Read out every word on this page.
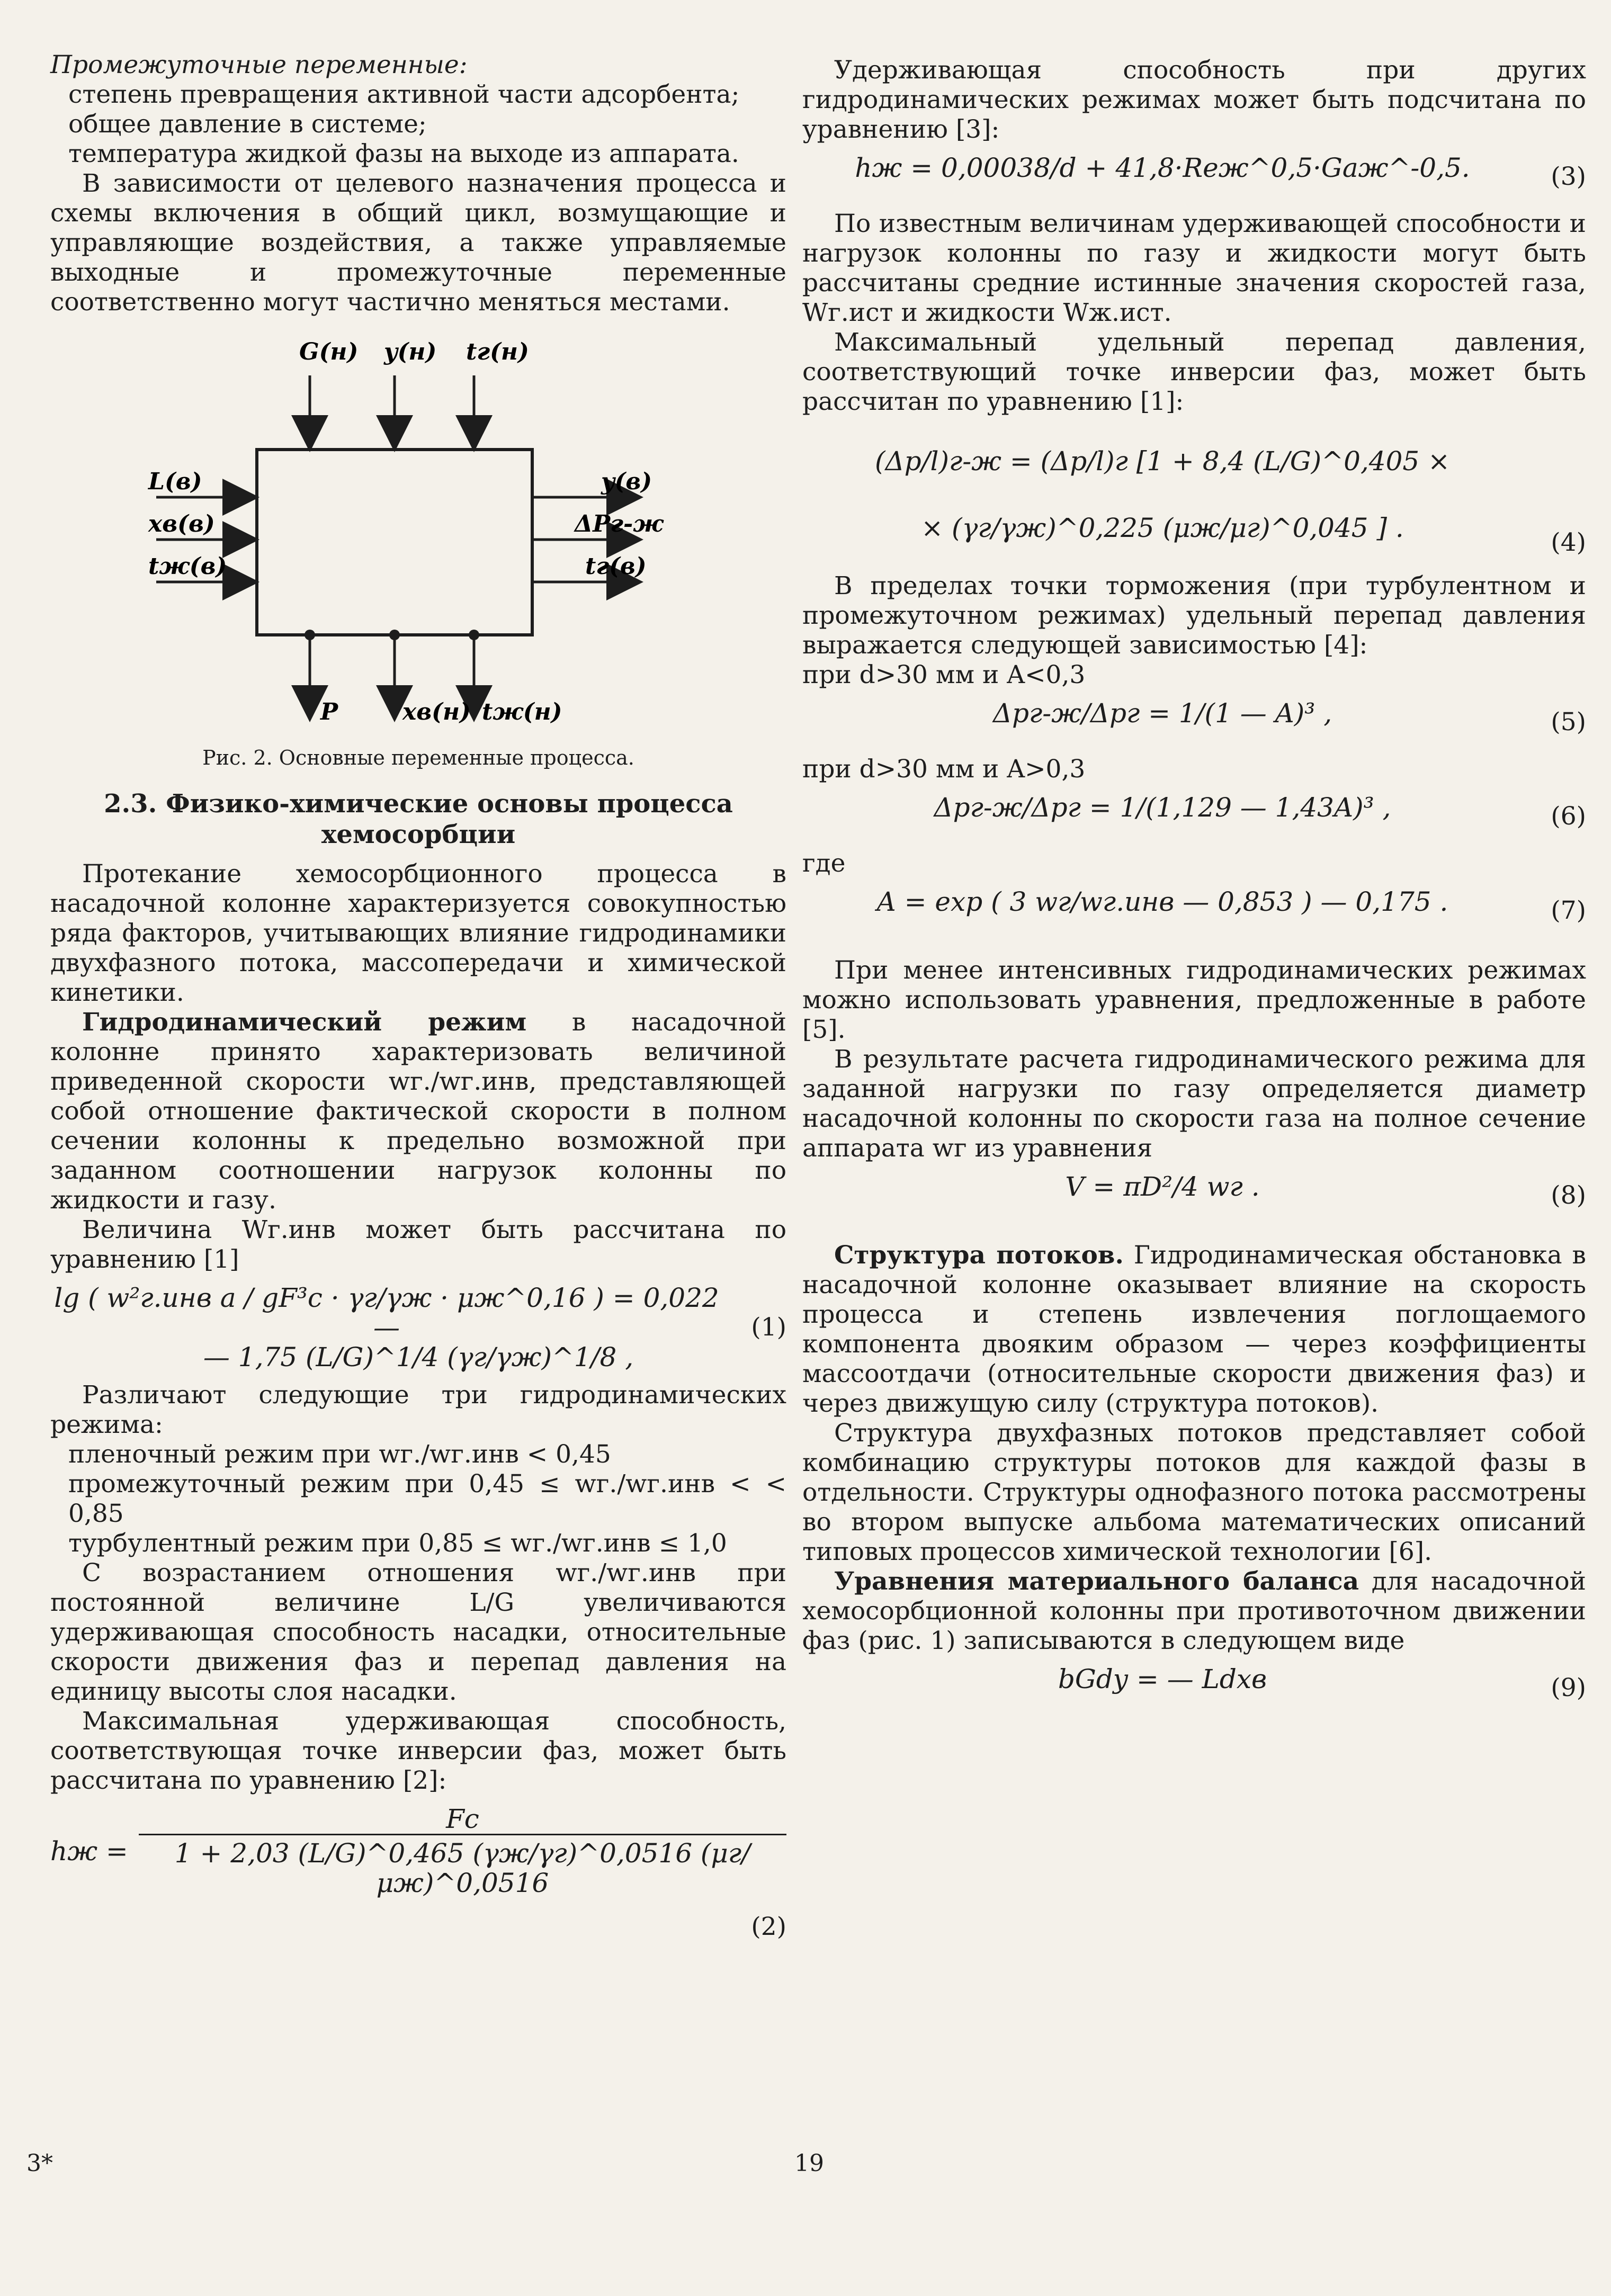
Промежуточные переменные:

степень превращения активной части адсорбента;

общее давление в системе;

температура жидкой фазы на выходе из аппарата.

В зависимости от целевого назначения процесса и схемы включения в общий цикл, возмущающие и управляющие воздействия, а также управляемые выходные и промежуточные переменные соответственно могут частично меняться местами.

G(н) y(н) tг(н)
L(в)
xв(в)
tж(в)
y(в)
ΔPг-ж
tг(в)
P	xв(н) tж(н)

Рис. 2. Основные переменные процесса.

2.3. Физико-химические основы процесса хемосорбции

Протекание хемосорбционного процесса в насадочной колонне характеризуется совокупностью ряда факторов, учитывающих влияние гидродинамики двухфазного потока, массопередачи и химической кинетики.

Гидродинамический режим в насадочной колонне принято характеризовать величиной приведенной скорости wг./wг.инв, представляющей собой отношение фактической скорости в полном сечении колонны к предельно возможной при заданном соотношении нагрузок колонны по жидкости и газу.

Величина Wг.инв может быть рассчитана по уравнению [1]

lg ( w²г.инв a / gF³c · γг/γж · μж^0,16 ) = 0,022 —
— 1,75 (L/G)^1/4 (γг/γж)^1/8 ,
(1)

Различают следующие три гидродинамических режима:

пленочный режим при wг./wг.инв < 0,45

промежуточный режим при 0,45 ≤ wг./wг.инв < < 0,85

турбулентный режим при 0,85 ≤ wг./wг.инв ≤ 1,0

С возрастанием отношения wг./wг.инв при постоянной величине L/G увеличиваются удерживающая способность насадки, относительные скорости движения фаз и перепад давления на единицу высоты слоя насадки.

Максимальная удерживающая способность, соответствующая точке инверсии фаз, может быть рассчитана по уравнению [2]:

hж =
Fc
1 + 2,03 (L/G)^0,465 (γж/γг)^0,0516 (μг/μж)^0,0516
(2)

Удерживающая способность при других гидродинамических режимах может быть подсчитана по уравнению [3]:

hж = 0,00038/d + 41,8·Reж^0,5·Gaж^-0,5.	(3)

По известным величинам удерживающей способности и нагрузок колонны по газу и жидкости могут быть рассчитаны средние истинные значения скоростей газа, Wг.ист и жидкости Wж.ист.

Максимальный удельный перепад давления, соответствующий точке инверсии фаз, может быть рассчитан по уравнению [1]:

(Δp/l)г-ж = (Δp/l)г [1 + 8,4 (L/G)^0,405 ×
× (γг/γж)^0,225 (μж/μг)^0,045 ] .	(4)

В пределах точки торможения (при турбулентном и промежуточном режимах) удельный перепад давления выражается следующей зависимостью [4]:

при d>30 мм и A<0,3

Δpг-ж/Δpг = 1/(1 — A)³ ,	(5)

при d>30 мм и A>0,3

Δpг-ж/Δpг = 1/(1,129 — 1,43A)³ ,	(6)

где

A = exp ( 3 wг/wг.инв — 0,853 ) — 0,175 .	(7)

При менее интенсивных гидродинамических режимах можно использовать уравнения, предложенные в работе [5].

В результате расчета гидродинамического режима для заданной нагрузки по газу определяется диаметр насадочной колонны по скорости газа на полное сечение аппарата wг из уравнения

V = πD²/4 wг .	(8)

Структура потоков. Гидродинамическая обстановка в насадочной колонне оказывает влияние на скорость процесса и степень извлечения поглощаемого компонента двояким образом — через коэффициенты массоотдачи (относительные скорости движения фаз) и через движущую силу (структура потоков).

Структура двухфазных потоков представляет собой комбинацию структуры потоков для каждой фазы в отдельности. Структуры однофазного потока рассмотрены во втором выпуске альбома математических описаний типовых процессов химической технологии [6].

Уравнения материального баланса для насадочной хемосорбционной колонны при противоточном движении фаз (рис. 1) записываются в следующем виде

bGdy = — Ldxв	(9)
3*	19
